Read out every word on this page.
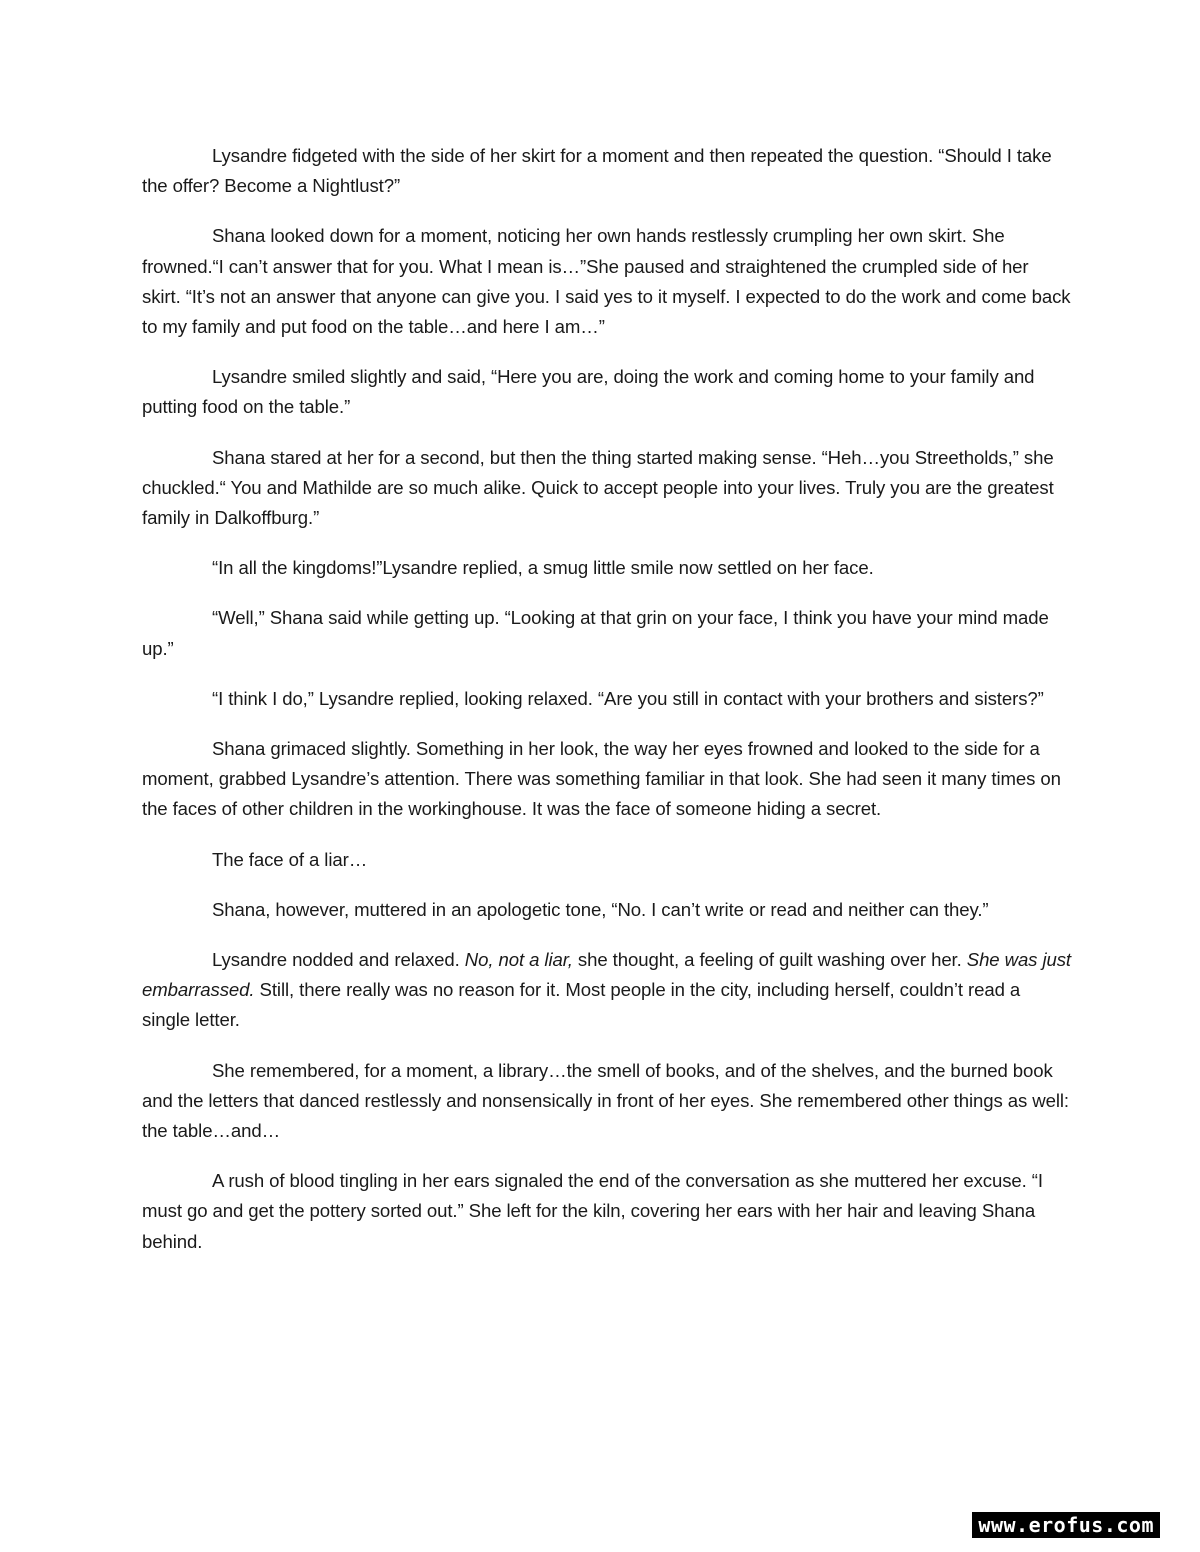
Lysandre fidgeted with the side of her skirt for a moment and then repeated the question. “Should I take the offer? Become a Nightlust?”

Shana looked down for a moment, noticing her own hands restlessly crumpling her own skirt. She frowned.“I can’t answer that for you. What I mean is…”She paused and straightened the crumpled side of her skirt. “It’s not an answer that anyone can give you. I said yes to it myself. I expected to do the work and come back to my family and put food on the table…and here I am…”

Lysandre smiled slightly and said, “Here you are, doing the work and coming home to your family and putting food on the table.”

Shana stared at her for a second, but then the thing started making sense. “Heh…you Streetholds,” she chuckled.“ You and Mathilde are so much alike. Quick to accept people into your lives. Truly you are the greatest family in Dalkoffburg.”

“In all the kingdoms!”Lysandre replied, a smug little smile now settled on her face.

“Well,” Shana said while getting up. “Looking at that grin on your face, I think you have your mind made up.”

“I think I do,” Lysandre replied, looking relaxed. “Are you still in contact with your brothers and sisters?”

Shana grimaced slightly. Something in her look, the way her eyes frowned and looked to the side for a moment, grabbed Lysandre’s attention. There was something familiar in that look. She had seen it many times on the faces of other children in the workinghouse. It was the face of someone hiding a secret.

The face of a liar…

Shana, however, muttered in an apologetic tone, “No. I can’t write or read and neither can they.”

Lysandre nodded and relaxed. No, not a liar, she thought, a feeling of guilt washing over her. She was just embarrassed. Still, there really was no reason for it. Most people in the city, including herself, couldn’t read a single letter.

She remembered, for a moment, a library…the smell of books, and of the shelves, and the burned book and the letters that danced restlessly and nonsensically in front of her eyes. She remembered other things as well: the table…and…

A rush of blood tingling in her ears signaled the end of the conversation as she muttered her excuse. “I must go and get the pottery sorted out.” She left for the kiln, covering her ears with her hair and leaving Shana behind.

www.erofus.com
